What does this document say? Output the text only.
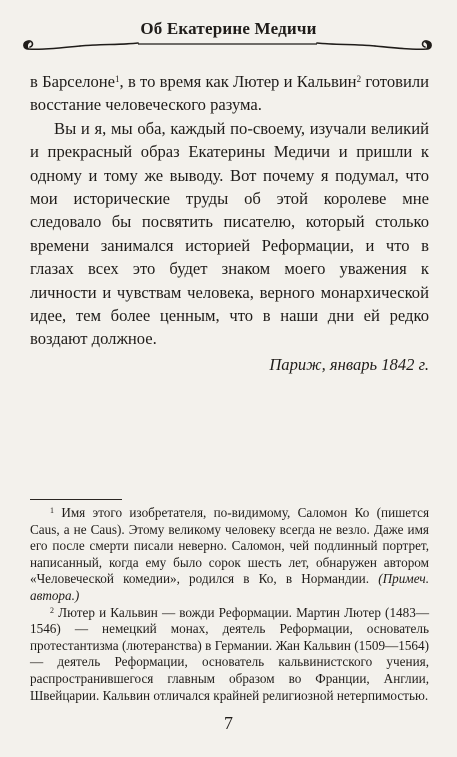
Об Екатерине Медичи

в Барселоне$^1$, в то время как Лютер и Кальвин$^2$ готовили восстание человеческого разума.

Вы и я, мы оба, каждый по-своему, изучали великий и прекрасный образ Екатерины Медичи и пришли к одному и тому же выводу. Вот почему я подумал, что мои исторические труды об этой королеве мне следовало бы посвятить писателю, который столько времени занимался историей Реформации, и что в глазах всех это будет знаком моего уважения к личности и чувствам человека, верного монархической идее, тем более ценным, что в наши дни ей редко воздают должное.

Париж, январь 1842 г.

$^1$ Имя этого изобретателя, по-видимому, Саломон Ко (пишется Саus, а не Caus). Этому великому человеку всегда не везло. Даже имя его после смерти писали неверно. Саломон, чей подлинный портрет, написанный, когда ему было сорок шесть лет, обнаружен автором «Человеческой комедии», родился в Ко, в Нормандии. (Примеч. автора.)

$^2$ Лютер и Кальвин — вожди Реформации. Мартин Лютер (1483—1546) — немецкий монах, деятель Реформации, основатель протестантизма (лютеранства) в Германии. Жан Кальвин (1509—1564) — деятель Реформации, основатель кальвинистского учения, распространившегося главным образом во Франции, Англии, Швейцарии. Кальвин отличался крайней религиозной нетерпимостью.

7
